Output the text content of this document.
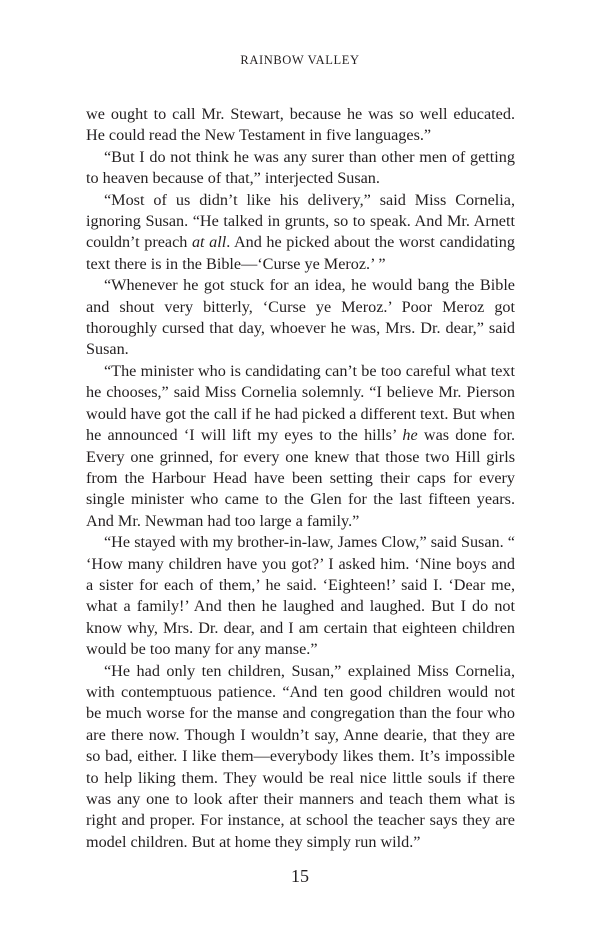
RAINBOW VALLEY

we ought to call Mr. Stewart, because he was so well educated. He could read the New Testament in five languages.”

“But I do not think he was any surer than other men of getting to heaven because of that,” interjected Susan.

“Most of us didn’t like his delivery,” said Miss Cornelia, ignoring Susan. “He talked in grunts, so to speak. And Mr. Arnett couldn’t preach at all. And he picked about the worst candidating text there is in the Bible—‘Curse ye Meroz.’ ”

“Whenever he got stuck for an idea, he would bang the Bible and shout very bitterly, ‘Curse ye Meroz.’ Poor Meroz got thoroughly cursed that day, whoever he was, Mrs. Dr. dear,” said Susan.

“The minister who is candidating can’t be too careful what text he chooses,” said Miss Cornelia solemnly. “I believe Mr. Pierson would have got the call if he had picked a different text. But when he announced ‘I will lift my eyes to the hills’ he was done for. Every one grinned, for every one knew that those two Hill girls from the Harbour Head have been setting their caps for every single minister who came to the Glen for the last fifteen years. And Mr. Newman had too large a family.”

“He stayed with my brother-in-law, James Clow,” said Susan. “ ‘How many children have you got?’ I asked him. ‘Nine boys and a sister for each of them,’ he said. ‘Eighteen!’ said I. ‘Dear me, what a family!’ And then he laughed and laughed. But I do not know why, Mrs. Dr. dear, and I am certain that eighteen children would be too many for any manse.”

“He had only ten children, Susan,” explained Miss Cornelia, with contemptuous patience. “And ten good children would not be much worse for the manse and congregation than the four who are there now. Though I wouldn’t say, Anne dearie, that they are so bad, either. I like them—everybody likes them. It’s impossible to help liking them. They would be real nice little souls if there was any one to look after their manners and teach them what is right and proper. For instance, at school the teacher says they are model children. But at home they simply run wild.”

15
